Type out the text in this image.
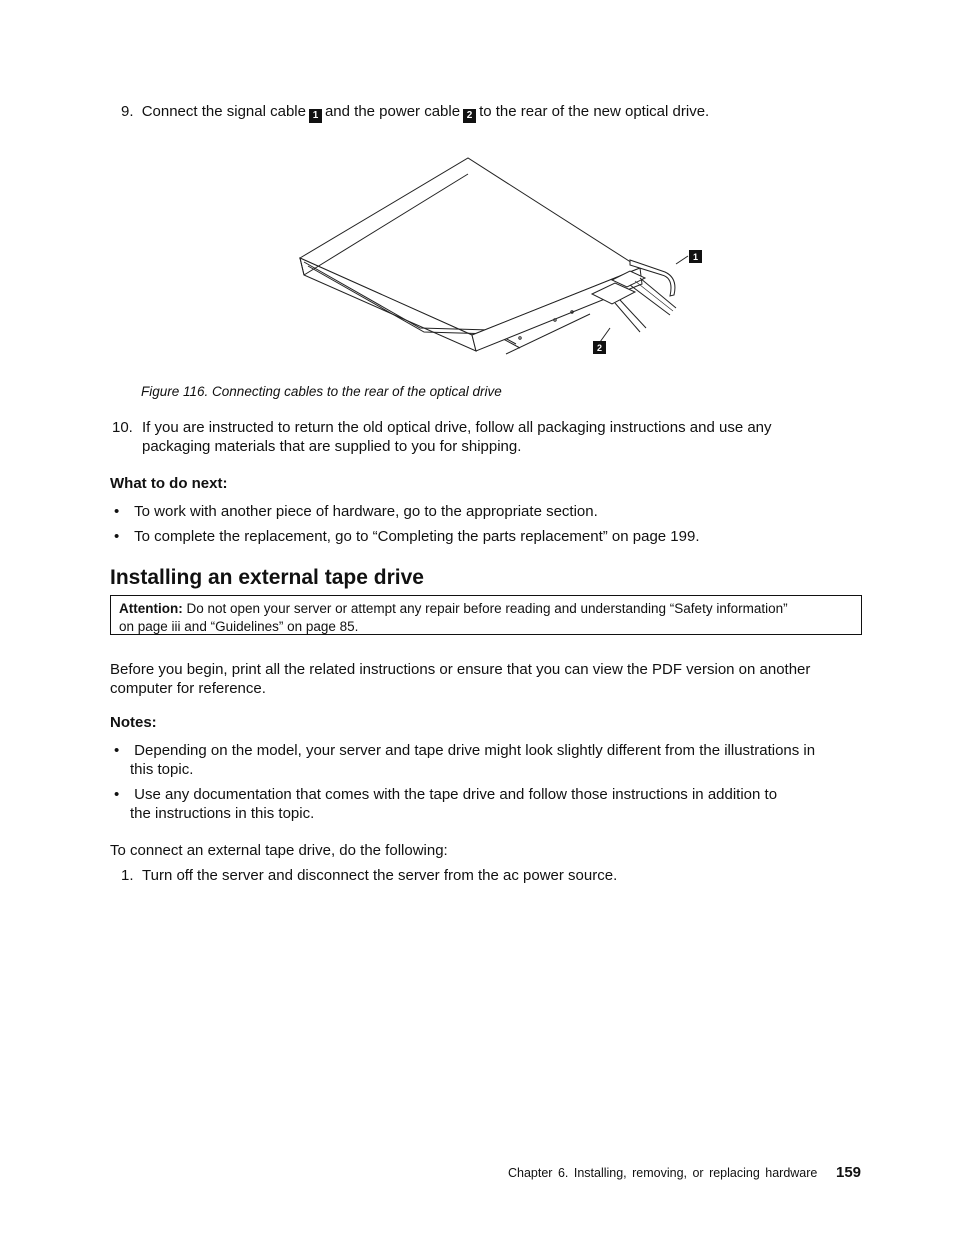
9. Connect the signal cable 1 and the power cable 2 to the rear of the new optical drive.
1
2
Figure 116. Connecting cables to the rear of the optical drive
10. If you are instructed to return the old optical drive, follow all packaging instructions and use any
packaging materials that are supplied to you for shipping.
What to do next:
• To work with another piece of hardware, go to the appropriate section.
• To complete the replacement, go to “Completing the parts replacement” on page 199.
Installing an external tape drive
Attention: Do not open your server or attempt any repair before reading and understanding “Safety information”
on page iii and “Guidelines” on page 85.
Before you begin, print all the related instructions or ensure that you can view the PDF version on another
computer for reference.
Notes:
• Depending on the model, your server and tape drive might look slightly different from the illustrations in
this topic.
• Use any documentation that comes with the tape drive and follow those instructions in addition to
the instructions in this topic.
To connect an external tape drive, do the following:
1. Turn off the server and disconnect the server from the ac power source.
Chapter 6. Installing, removing, or replacing hardware 159
